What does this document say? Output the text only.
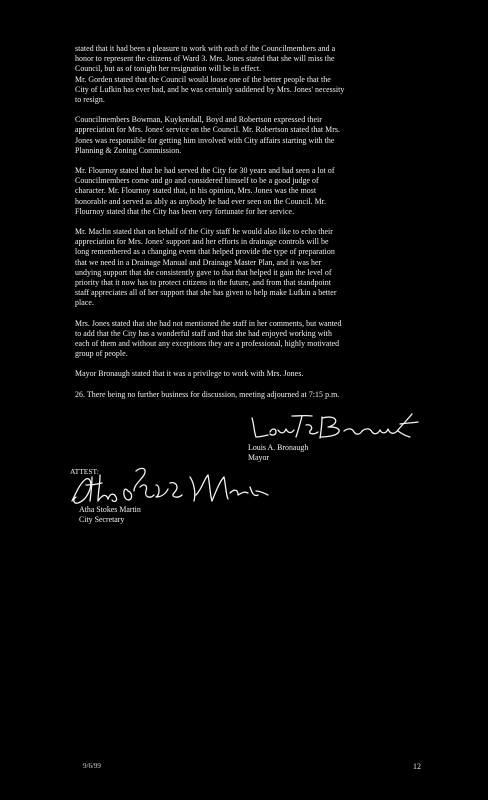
stated that it had been a pleasure to work with each of the Councilmembers and a
honor to represent the citizens of Ward 3. Mrs. Jones stated that she will miss the
Council, but as of tonight her resignation will be in effect.
Mr. Gorden stated that the Council would loose one of the better people that the
City of Lufkin has ever had, and he was certainly saddened by Mrs. Jones' necessity
to resign.
Councilmembers Bowman, Kuykendall, Boyd and Robertson expressed their
appreciation for Mrs. Jones' service on the Council. Mr. Robertson stated that Mrs.
Jones was responsible for getting him involved with City affairs starting with the
Planning & Zoning Commission.
Mr. Flournoy stated that he had served the City for 30 years and had seen a lot of
Councilmembers come and go and considered himself to be a good judge of
character. Mr. Flournoy stated that, in his opinion, Mrs. Jones was the most
honorable and served as ably as anybody he had ever seen on the Council. Mr.
Flournoy stated that the City has been very fortunate for her service.
Mr. Maclin stated that on behalf of the City staff he would also like to echo their
appreciation for Mrs. Jones' support and her efforts in drainage controls will be
long remembered as a changing event that helped provide the type of preparation
that we need in a Drainage Manual and Drainage Master Plan, and it was her
undying support that she consistently gave to that that helped it gain the level of
priority that it now has to protect citizens in the future, and from that standpoint
staff appreciates all of her support that she has given to help make Lufkin a better
place.
Mrs. Jones stated that she had not mentioned the staff in her comments, but wanted
to add that the City has a wonderful staff and that she had enjoyed working with
each of them and without any exceptions they are a professional, highly motivated
group of people.
Mayor Bronaugh stated that it was a privilege to work with Mrs. Jones.
26. There being no further business for discussion, meeting adjourned at 7:15 p.m.
Louis A. Bronaugh
Mayor
ATTEST:
Atha Stokes Martin
City Secretary
9/6/99	12
